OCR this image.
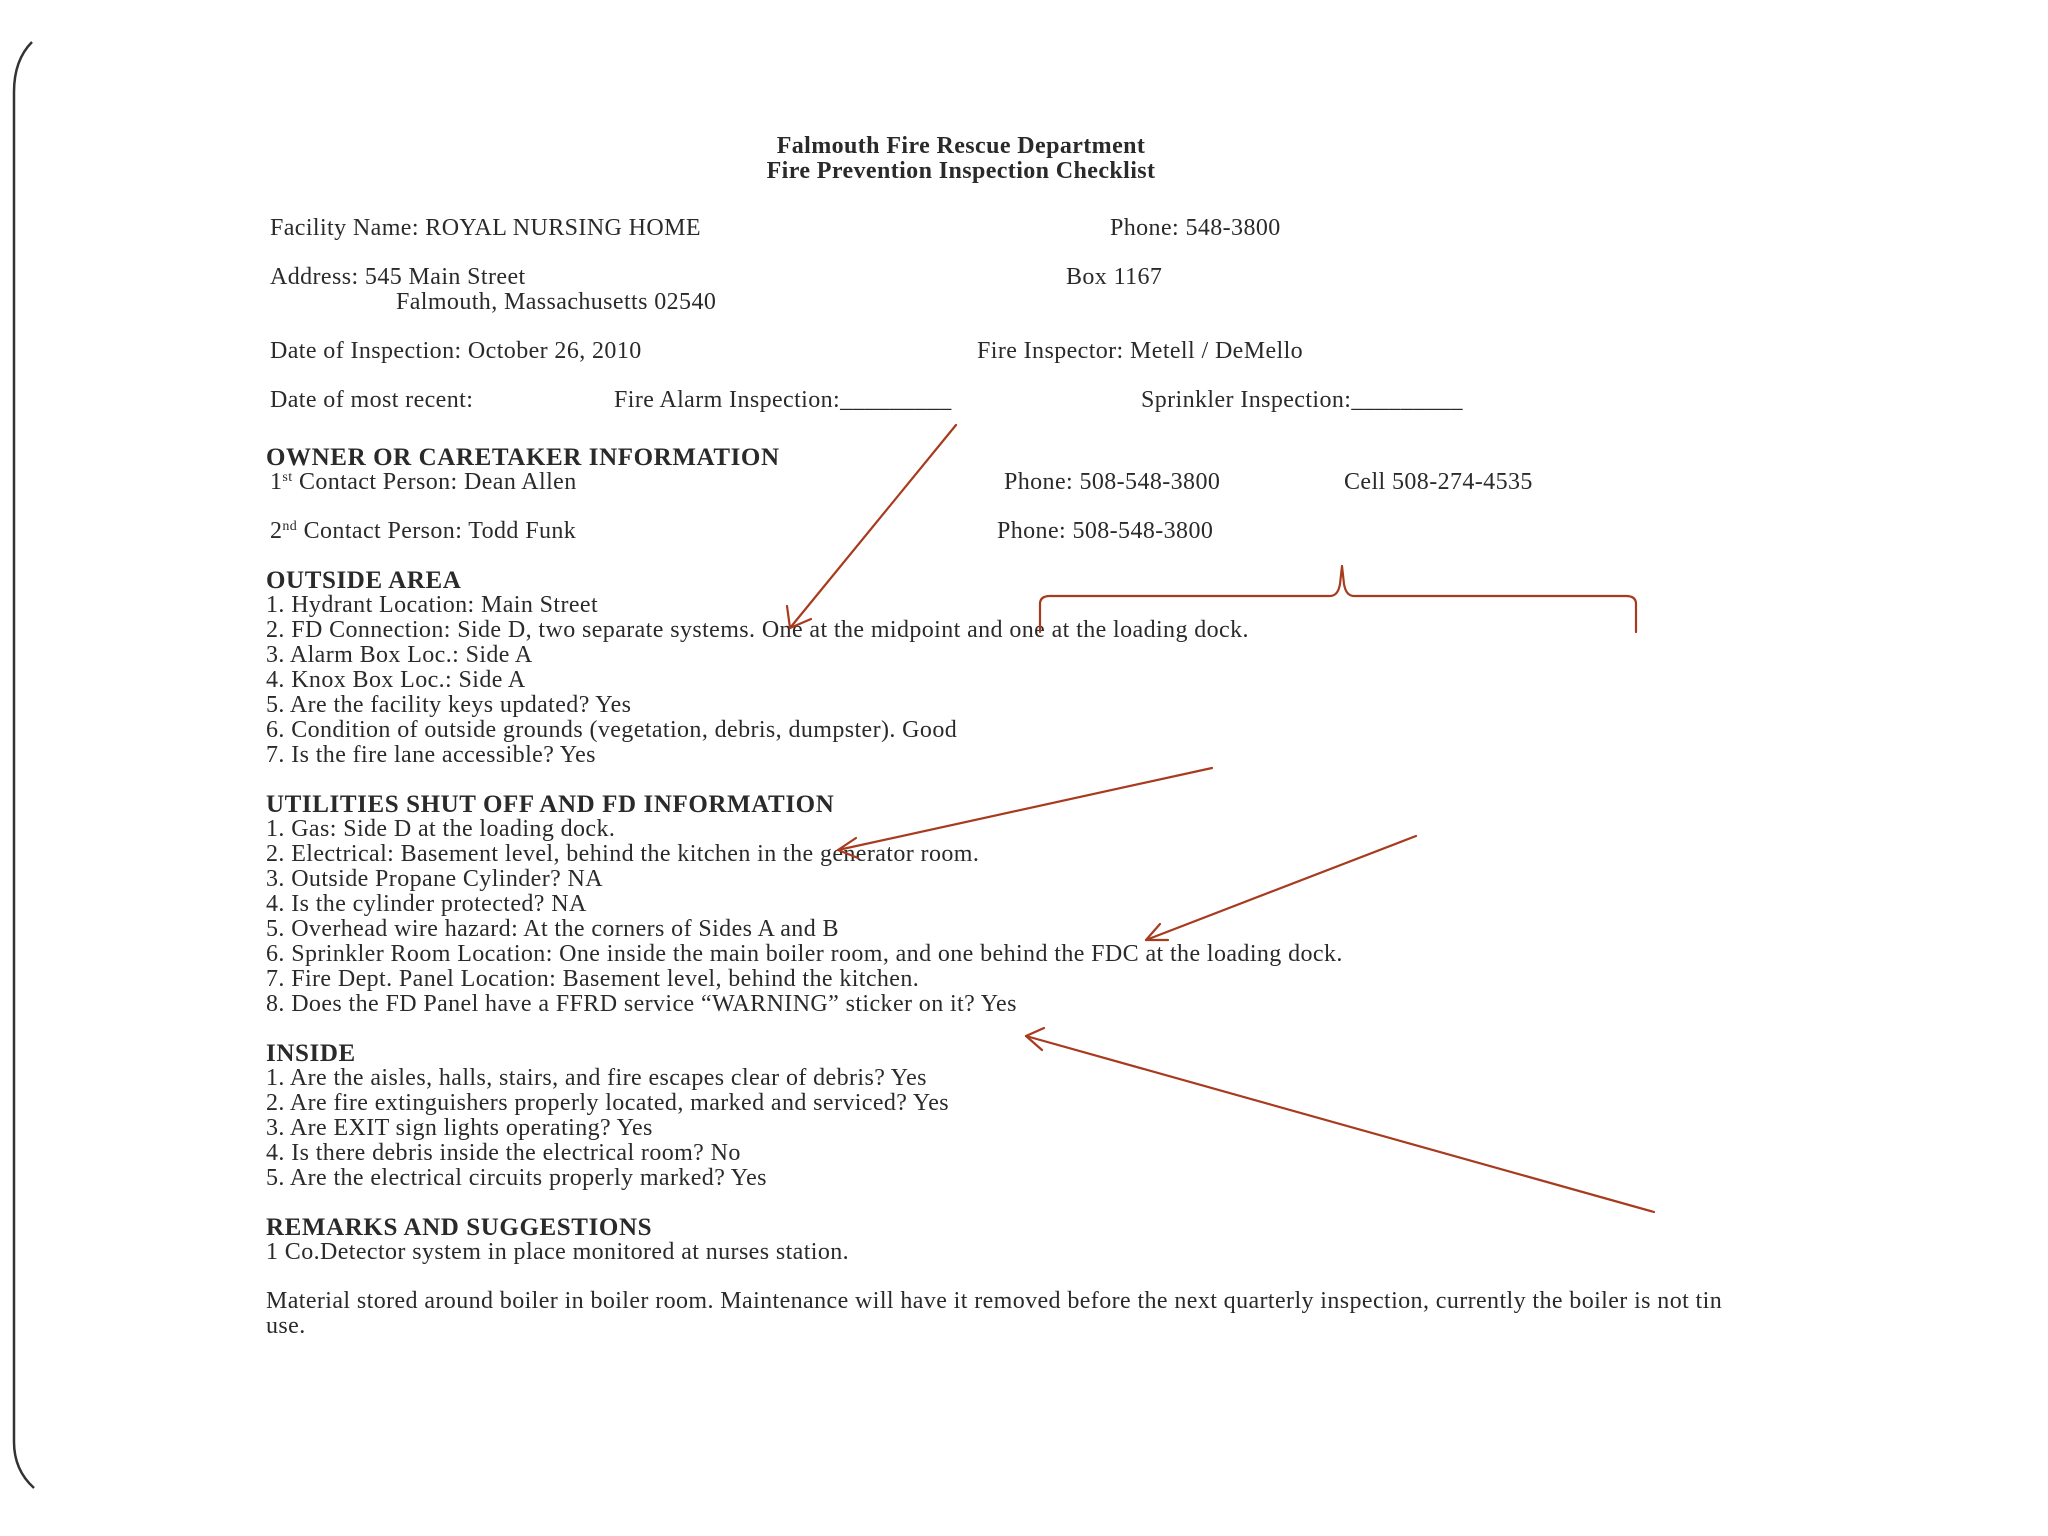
Falmouth Fire Rescue Department
Fire Prevention Inspection Checklist
Facility Name: ROYAL NURSING HOME	Phone: 548-3800
Address: 545 Main Street	Box 1167
Falmouth, Massachusetts 02540
Date of Inspection: October 26, 2010	Fire Inspector: Metell / DeMello
Date of most recent:	Fire Alarm Inspection:_________	Sprinkler Inspection:_________
OWNER OR CARETAKER INFORMATION
1st Contact Person: Dean Allen	Phone: 508-548-3800	Cell 508-274-4535
2nd Contact Person: Todd Funk	Phone: 508-548-3800
OUTSIDE AREA
1. Hydrant Location: Main Street
2. FD Connection: Side D, two separate systems. One at the midpoint and one at the loading dock.
3. Alarm Box Loc.: Side A
4. Knox Box Loc.: Side A
5. Are the facility keys updated? Yes
6. Condition of outside grounds (vegetation, debris, dumpster). Good
7. Is the fire lane accessible? Yes
UTILITIES SHUT OFF AND FD INFORMATION
1. Gas: Side D at the loading dock.
2. Electrical: Basement level, behind the kitchen in the generator room.
3. Outside Propane Cylinder? NA
4. Is the cylinder protected? NA
5. Overhead wire hazard: At the corners of Sides A and B
6. Sprinkler Room Location: One inside the main boiler room, and one behind the FDC at the loading dock.
7. Fire Dept. Panel Location: Basement level, behind the kitchen.
8. Does the FD Panel have a FFRD service “WARNING” sticker on it? Yes
INSIDE
1. Are the aisles, halls, stairs, and fire escapes clear of debris? Yes
2. Are fire extinguishers properly located, marked and serviced? Yes
3. Are EXIT sign lights operating? Yes
4. Is there debris inside the electrical room? No
5. Are the electrical circuits properly marked? Yes
REMARKS AND SUGGESTIONS
1 Co.Detector system in place monitored at nurses station.
Material stored around boiler in boiler room. Maintenance will have it removed before the next quarterly inspection, currently the boiler is not tin use.
